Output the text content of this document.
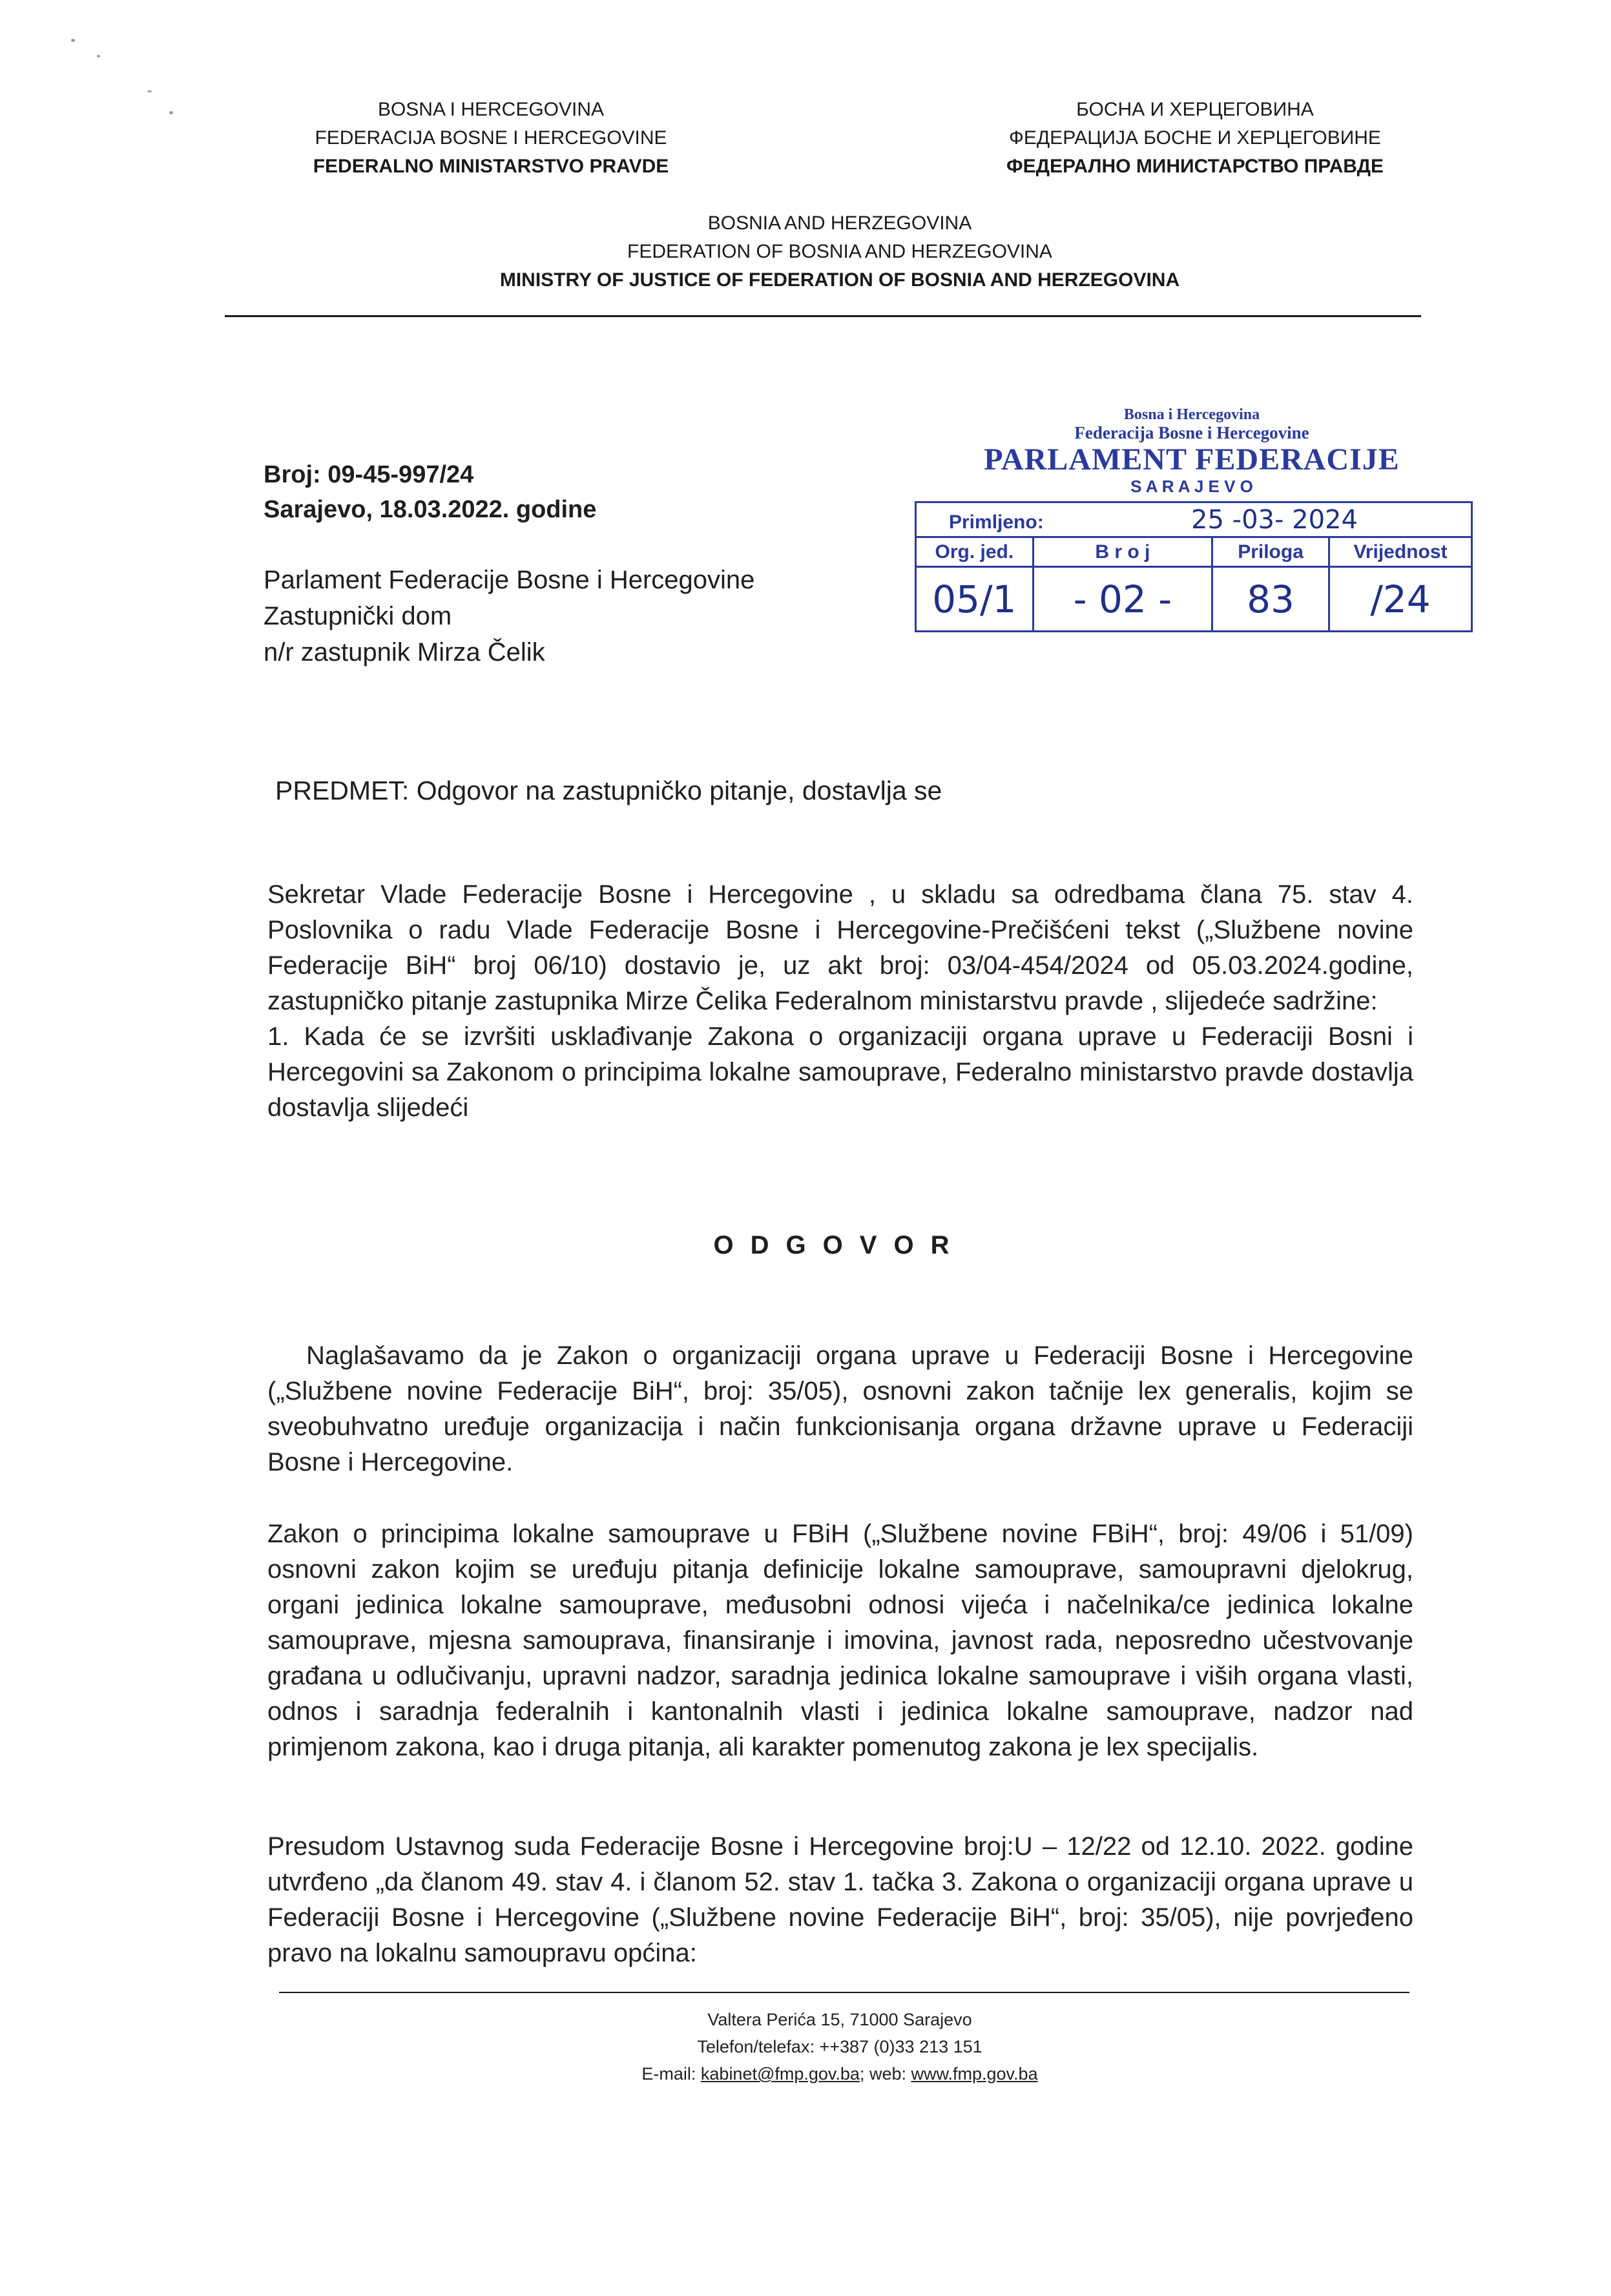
BOSNA I HERCEGOVINA
FEDERACIJA BOSNE I HERCEGOVINE
FEDERALNO MINISTARSTVO PRAVDE
БОСНА И ХЕРЦЕГОВИНА
ФЕДЕРАЦИЈА БОСНЕ И ХЕРЦЕГОВИНЕ
ФЕДЕРАЛНО МИНИСТАРСТВО ПРАВДЕ
BOSNIA AND HERZEGOVINA
FEDERATION OF BOSNIA AND HERZEGOVINA
MINISTRY OF JUSTICE OF FEDERATION OF BOSNIA AND HERZEGOVINA
Broj: 09-45-997/24
Sarajevo, 18.03.2022. godine
Parlament Federacije Bosne i Hercegovine
Zastupnički dom
n/r zastupnik Mirza Čelik
Bosna i Hercegovina
Federacija Bosne i Hercegovine
PARLAMENT FEDERACIJE
S A R A J E V O
Primljeno: 25 -03- 2024			
Org. jed.	B r o j	Priloga	Vrijednost
05/1	- 02 -	83	/24
PREDMET: Odgovor na zastupničko pitanje, dostavlja se

Sekretar Vlade Federacije Bosne i Hercegovine , u skladu sa odredbama člana 75. stav 4. Poslovnika o radu Vlade Federacije Bosne i Hercegovine-Prečišćeni tekst („Službene novine Federacije BiH“ broj 06/10) dostavio je, uz akt broj: 03/04-454/2024 od 05.03.2024.godine, zastupničko pitanje zastupnika Mirze Čelika Federalnom ministarstvu pravde , slijedeće sadržine:

1. Kada će se izvršiti usklađivanje Zakona o organizaciji organa uprave u Federaciji Bosni i Hercegovini sa Zakonom o principima lokalne samouprave, Federalno ministarstvo pravde dostavlja dostavlja slijedeći

ODGOVOR

Naglašavamo da je Zakon o organizaciji organa uprave u Federaciji Bosne i Hercegovine („Službene novine Federacije BiH“, broj: 35/05), osnovni zakon tačnije lex generalis, kojim se sveobuhvatno uređuje organizacija i način funkcionisanja organa državne uprave u Federaciji Bosne i Hercegovine.

Zakon o principima lokalne samouprave u FBiH („Službene novine FBiH“, broj: 49/06 i 51/09) osnovni zakon kojim se uređuju pitanja definicije lokalne samouprave, samoupravni djelokrug, organi jedinica lokalne samouprave, međusobni odnosi vijeća i načelnika/ce jedinica lokalne samouprave, mjesna samouprava, finansiranje i imovina, javnost rada, neposredno učestvovanje građana u odlučivanju, upravni nadzor, saradnja jedinica lokalne samouprave i viših organa vlasti, odnos i saradnja federalnih i kantonalnih vlasti i jedinica lokalne samouprave, nadzor nad primjenom zakona, kao i druga pitanja, ali karakter pomenutog zakona je lex specijalis.

Presudom Ustavnog suda Federacije Bosne i Hercegovine broj:U – 12/22 od 12.10. 2022. godine utvrđeno „da članom 49. stav 4. i članom 52. stav 1. tačka 3. Zakona o organizaciji organa uprave u Federaciji Bosne i Hercegovine („Službene novine Federacije BiH“, broj: 35/05), nije povrjeđeno pravo na lokalnu samoupravu općina:

Valtera Perića 15, 71000 Sarajevo
Telefon/telefax: ++387 (0)33 213 151
E-mail: kabinet@fmp.gov.ba; web: www.fmp.gov.ba
